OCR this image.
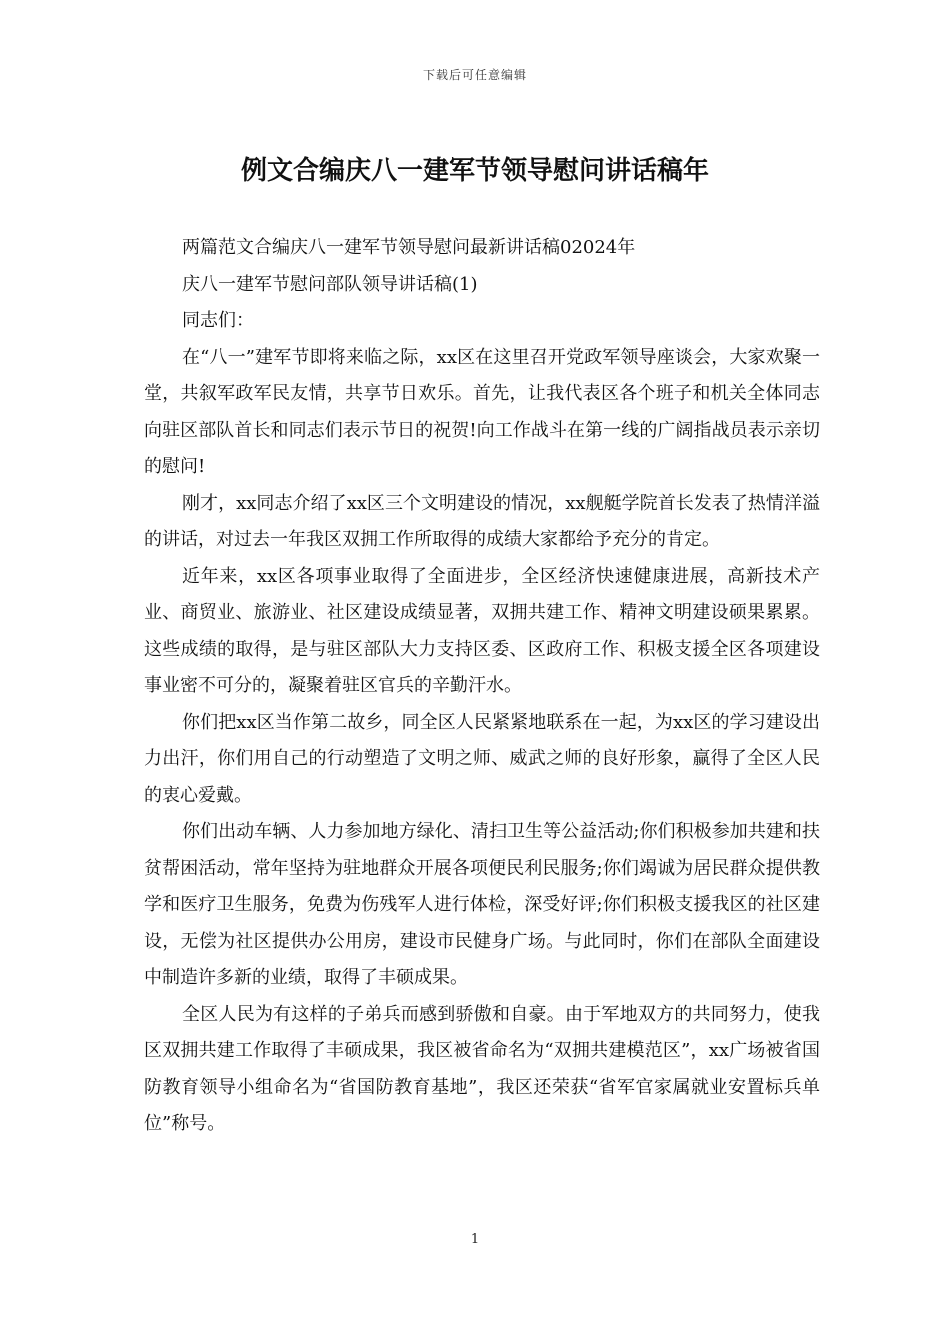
下载后可任意编辑
例文合编庆八一建军节领导慰问讲话稿年

两篇范文合编庆八一建军节领导慰问最新讲话稿02024年

庆八一建军节慰问部队领导讲话稿(1)

同志们：

在“八一”建军节即将来临之际，xx区在这里召开党政军领导座谈会，大家欢聚一堂，共叙军政军民友情，共享节日欢乐。首先，让我代表区各个班子和机关全体同志向驻区部队首长和同志们表示节日的祝贺!向工作战斗在第一线的广阔指战员表示亲切的慰问!

刚才，xx同志介绍了xx区三个文明建设的情况，xx舰艇学院首长发表了热情洋溢的讲话，对过去一年我区双拥工作所取得的成绩大家都给予充分的肯定。

近年来，xx区各项事业取得了全面进步，全区经济快速健康进展，高新技术产业、商贸业、旅游业、社区建设成绩显著，双拥共建工作、精神文明建设硕果累累。这些成绩的取得，是与驻区部队大力支持区委、区政府工作、积极支援全区各项建设事业密不可分的，凝聚着驻区官兵的辛勤汗水。

你们把xx区当作第二故乡，同全区人民紧紧地联系在一起，为xx区的学习建设出力出汗，你们用自己的行动塑造了文明之师、威武之师的良好形象，赢得了全区人民的衷心爱戴。

你们出动车辆、人力参加地方绿化、清扫卫生等公益活动;你们积极参加共建和扶贫帮困活动，常年坚持为驻地群众开展各项便民利民服务;你们竭诚为居民群众提供教学和医疗卫生服务，免费为伤残军人进行体检，深受好评;你们积极支援我区的社区建设，无偿为社区提供办公用房，建设市民健身广场。与此同时，你们在部队全面建设中制造许多新的业绩，取得了丰硕成果。

全区人民为有这样的子弟兵而感到骄傲和自豪。由于军地双方的共同努力，使我区双拥共建工作取得了丰硕成果，我区被省命名为“双拥共建模范区”，xx广场被省国防教育领导小组命名为“省国防教育基地”，我区还荣获“省军官家属就业安置标兵单位”称号。

1
